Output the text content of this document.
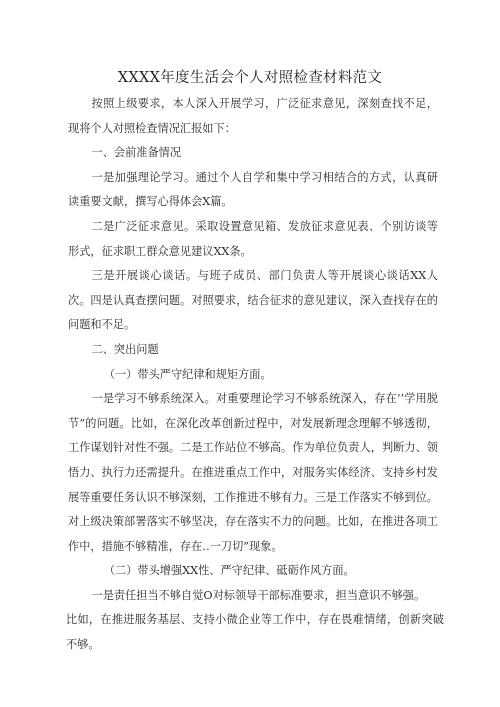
XXXX年度生活会个人对照检查材料范文

按照上级要求，本人深入开展学习，广泛征求意见，深刻查找不足，现将个人对照检查情况汇报如下：

一、会前准备情况

一是加强理论学习。通过个人自学和集中学习相结合的方式，认真研读重要文献，撰写心得体会X篇。

二是广泛征求意见。采取设置意见箱、发放征求意见表、个别访谈等形式，征求职工群众意见建议XX条。

三是开展谈心谈话。与班子成员、部门负责人等开展谈心谈话XX人次。四是认真查摆问题。对照要求，结合征求的意见建议，深入查找存在的问题和不足。

二、突出问题

（一）带头严守纪律和规矩方面。

一是学习不够系统深入。对重要理论学习不够系统深入，存在’’学用脱节”的问题。比如，在深化改革创新过程中，对发展新理念理解不够透彻，工作谋划针对性不强。二是工作站位不够高。作为单位负责人，判断力、领悟力、执行力还需提升。在推进重点工作中，对服务实体经济、支持乡村发展等重要任务认识不够深刻，工作推进不够有力。三是工作落实不够到位。对上级决策部署落实不够坚决，存在落实不力的问题。比如，在推进各项工作中，措施不够精准，存在‥一刀切”现象。

（二）带头增强XX性、严守纪律、砥砺作风方面。

一是责任担当不够自觉O对标领导干部标准要求，担当意识不够强。

比如，在推进服务基层、支持小微企业等工作中，存在畏难情绪，创新突破不够。
